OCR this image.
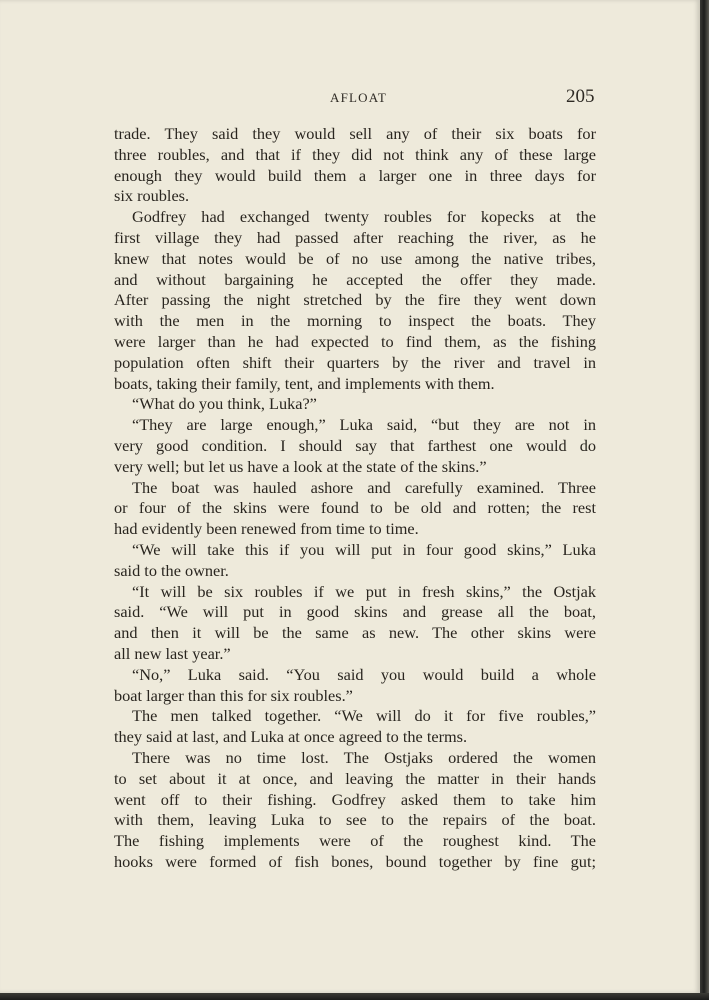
AFLOAT	205
trade. They said they would sell any of their six boats for
three roubles, and that if they did not think any of these large
enough they would build them a larger one in three days for
six roubles.
Godfrey had exchanged twenty roubles for kopecks at the
first village they had passed after reaching the river, as he
knew that notes would be of no use among the native tribes,
and without bargaining he accepted the offer they made.
After passing the night stretched by the fire they went down
with the men in the morning to inspect the boats. They
were larger than he had expected to find them, as the fishing
population often shift their quarters by the river and travel in
boats, taking their family, tent, and implements with them.
“What do you think, Luka?”
“They are large enough,” Luka said, “but they are not in
very good condition. I should say that farthest one would do
very well; but let us have a look at the state of the skins.”
The boat was hauled ashore and carefully examined. Three
or four of the skins were found to be old and rotten; the rest
had evidently been renewed from time to time.
“We will take this if you will put in four good skins,” Luka
said to the owner.
“It will be six roubles if we put in fresh skins,” the Ostjak
said. “We will put in good skins and grease all the boat,
and then it will be the same as new. The other skins were
all new last year.”
“No,” Luka said. “You said you would build a whole
boat larger than this for six roubles.”
The men talked together. “We will do it for five roubles,”
they said at last, and Luka at once agreed to the terms.
There was no time lost. The Ostjaks ordered the women
to set about it at once, and leaving the matter in their hands
went off to their fishing. Godfrey asked them to take him
with them, leaving Luka to see to the repairs of the boat.
The fishing implements were of the roughest kind. The
hooks were formed of fish bones, bound together by fine gut;
